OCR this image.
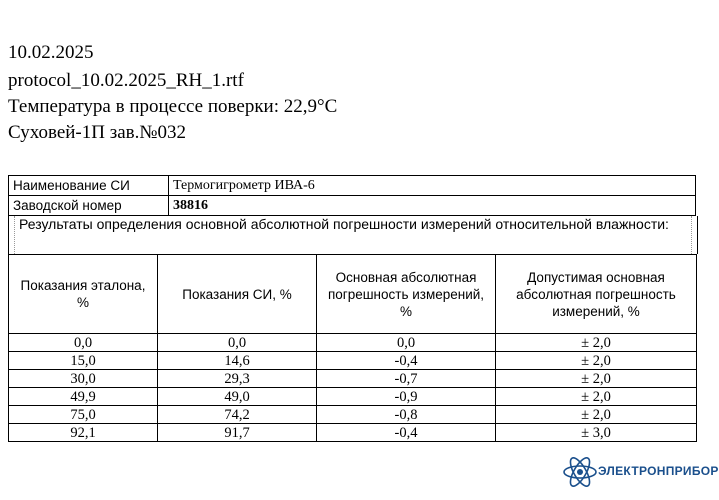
10.02.2025
protocol_10.02.2025_RH_1.rtf
Температура в процессе поверки: 22,9°С
Суховей-1П зав.№032
Наименование СИ	Термогигрометр ИВА-6
Заводской номер	38816
Результаты определения основной абсолютной погрешности измерений относительной влажности:
Показания эталона, %	Показания СИ, %	Основная абсолютная погрешность измерений, %	Допустимая основная абсолютная погрешность измерений, %
0,0	0,0	0,0	± 2,0
15,0	14,6	-0,4	± 2,0
30,0	29,3	-0,7	± 2,0
49,9	49,0	-0,9	± 2,0
75,0	74,2	-0,8	± 2,0
92,1	91,7	-0,4	± 3,0
ЭЛЕКТРОНПРИБОР
